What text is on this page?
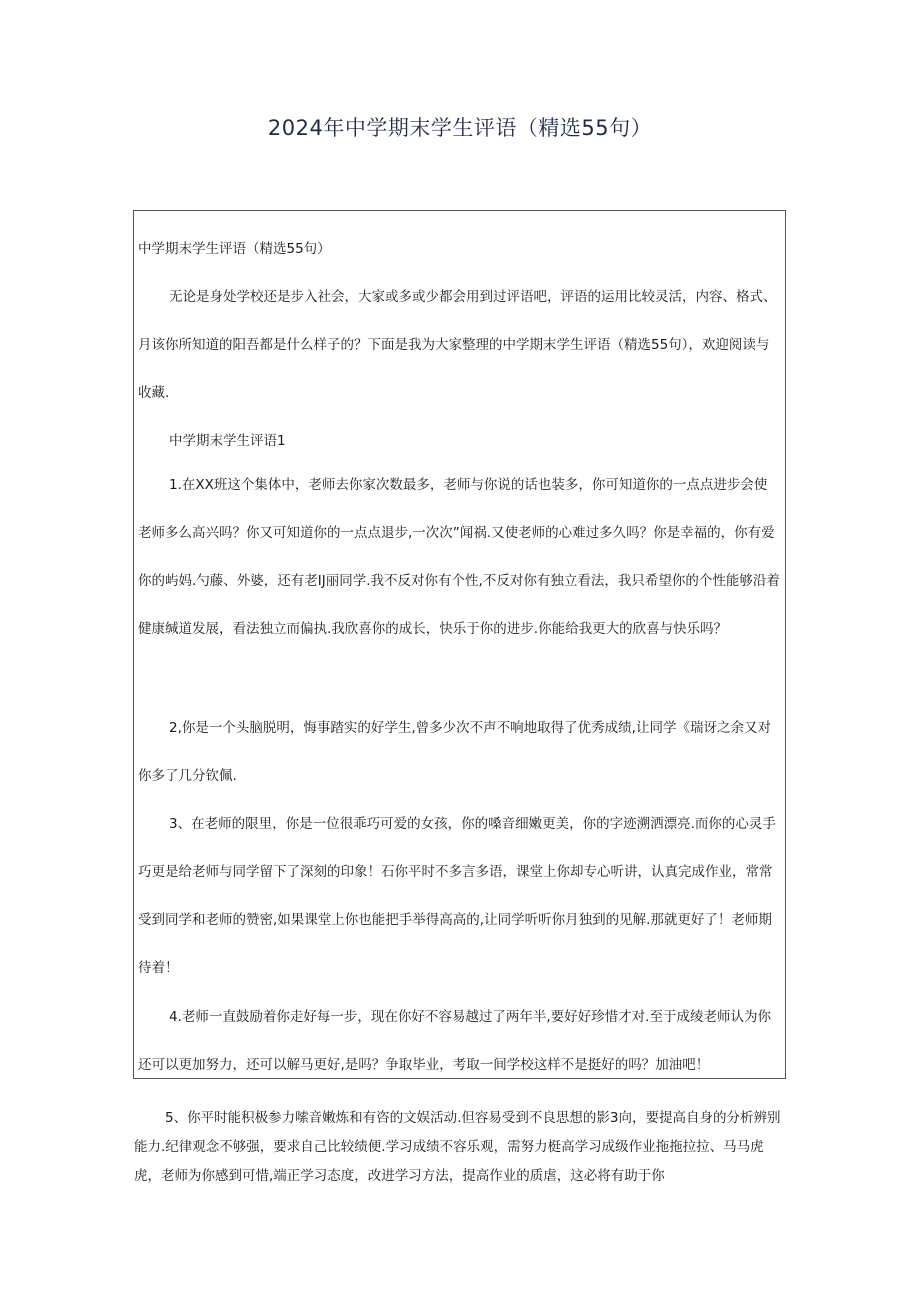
2024年中学期末学生评语（精选55句）
中学期末学生评语（精选55句）
无论是身处学校还是步入社会，大家或多或少都会用到过评语吧，评语的运用比较灵活，内容、格式、月该你所知道的阳吾都是什么样子的？下面是我为大家整理的中学期末学生评语（精选55句），欢迎阅读与收藏.
中学期末学生评语1
1.在XX班这个集体中，老师去你家次数最多，老师与你说的话也装多，你可知道你的一点点进步会使老师多么高兴吗？你又可知道你的一点点退步,一次次”闻祸.又使老师的心难过多久吗？你是幸福的，你有爱你的屿妈.勺藤、外婆，还有老IJ丽同学.我不反对你有个性,不反对你有独立看法，我只希望你的个性能够沿着健康缄道发展，看法独立而偏执.我欣喜你的成长，快乐于你的进步.你能给我更大的欣喜与快乐吗？
2,你是一个头脑脱明，悔事踏实的好学生,曾多少次不声不响地取得了优秀成绩,让同学《瑞讶之余又对你多了几分钦佩.
3、在老师的限里，你是一位很乖巧可爱的女孩，你的嗓音细嫩更美，你的字迹溯洒漂亮.而你的心灵手巧更是给老师与同学留下了深刻的印象！石你平时不多言多语，课堂上你却专心听讲，认真完成作业，常常受到同学和老师的赞密,如果课堂上你也能把手举得高高的,让同学听听你月独到的见解.那就更好了！老师期待着！
4.老师一直鼓励着你走好每一步，现在你好不容易越过了两年半,要好好珍惜才对.至于成绫老师认为你还可以更加努力，还可以解马更好,是吗？争取毕业，考取一间学校这样不是挺好的吗？加油吧！
5、你平时能积极参力嗦音嫩炼和有咨的文娱活动.但容易受到不良思想的影3向，要提高自身的分析辨别能力.纪律观念不够强，要求自己比较绩便.学习成绩不容乐观，需努力梃高学习成级作业拖拖拉拉、马马虎虎，老师为你感到可惜,端正学习态度，改进学习方法，提高作业的质虐，这必将有助于你
